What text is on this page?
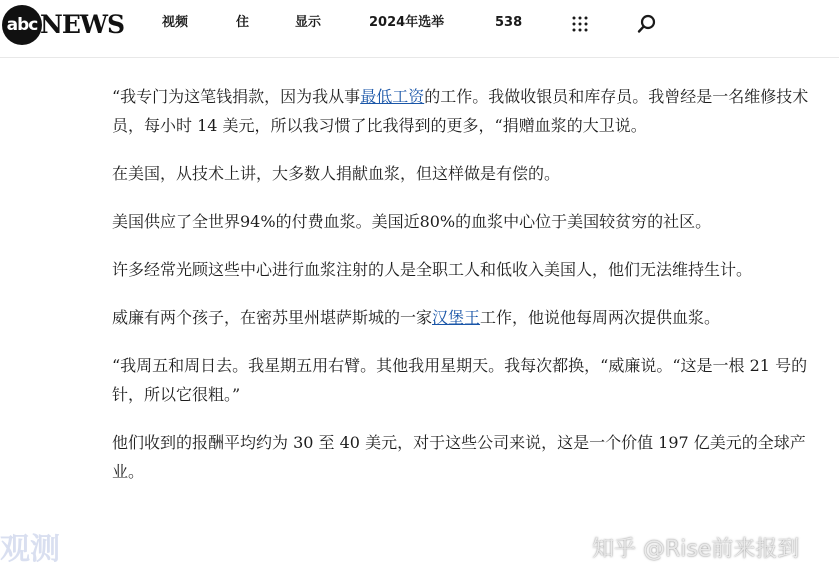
abc NEWS	视频	住	显示	2024年选举	538

“我专门为这笔钱捐款，因为我从事最低工资的工作。我做收银员和库存员。我曾经是一名维修技术员，每小时 14 美元，所以我习惯了比我得到的更多，“捐赠血浆的大卫说。

在美国，从技术上讲，大多数人捐献血浆，但这样做是有偿的。

美国供应了全世界94%的付费血浆。美国近80%的血浆中心位于美国较贫穷的社区。

许多经常光顾这些中心进行血浆注射的人是全职工人和低收入美国人，他们无法维持生计。

威廉有两个孩子，在密苏里州堪萨斯城的一家汉堡王工作，他说他每周两次提供血浆。

“我周五和周日去。我星期五用右臂。其他我用星期天。我每次都换，“威廉说。“这是一根 21 号的针，所以它很粗。”

他们收到的报酬平均约为 30 至 40 美元，对于这些公司来说，这是一个价值 197 亿美元的全球产业。

观测	知乎 @Rise前来报到
